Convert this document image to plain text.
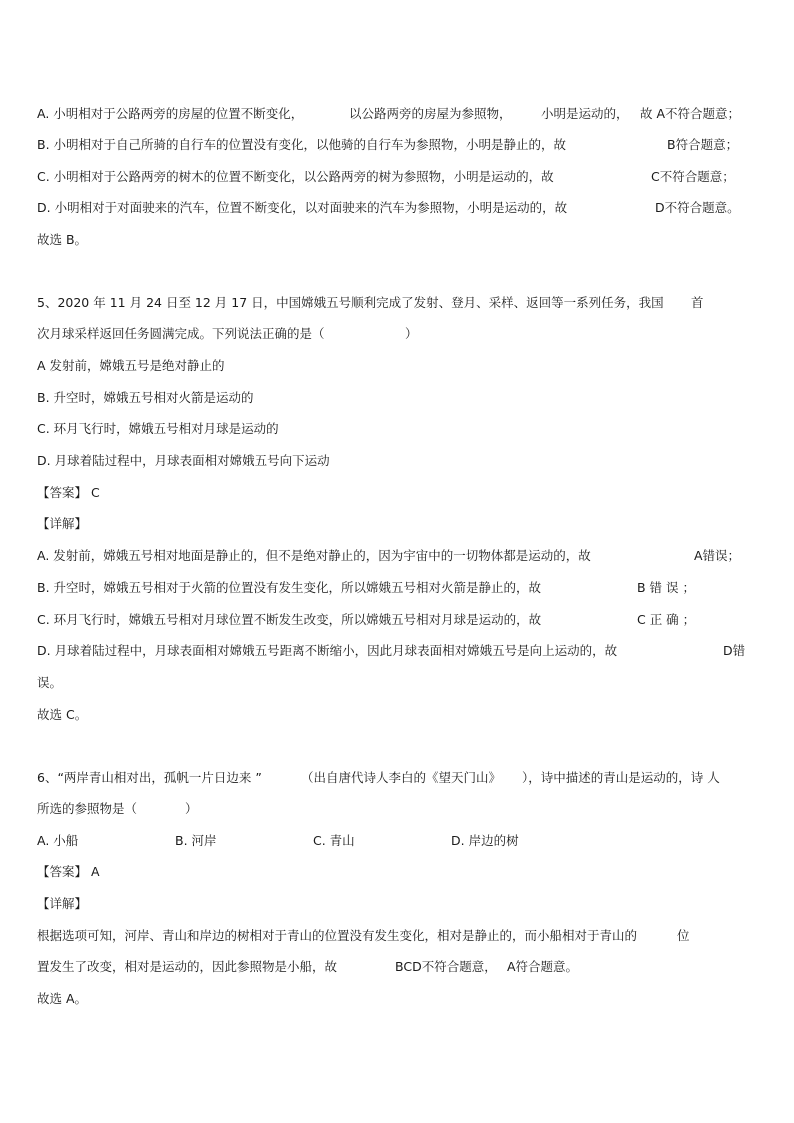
A. 小明相对于公路两旁的房屋的位置不断变化，	以公路两旁的房屋为参照物， 小明是运动的， 故 A不符合题意；
B. 小明相对于自己所骑的自行车的位置没有变化，以他骑的自行车为参照物，小明是静止的，故	B符合题意；
C. 小明相对于公路两旁的树木的位置不断变化，以公路两旁的树为参照物，小明是运动的，故	C不符合题意；
D. 小明相对于对面驶来的汽车，位置不断变化，以对面驶来的汽车为参照物，小明是运动的，故	D不符合题意。
故选 B。
5、2020 年 11 月 24 日至 12 月 17 日，中国嫦娥五号顺利完成了发射、登月、采样、返回等一系列任务，我国 首
次月球采样返回任务圆满完成。下列说法正确的是（	）
A 发射前，嫦娥五号是绝对静止的
B. 升空时，嫦娥五号相对火箭是运动的
C. 环月飞行时，嫦娥五号相对月球是运动的
D. 月球着陆过程中，月球表面相对嫦娥五号向下运动
【答案】 C
【详解】
A. 发射前，嫦娥五号相对地面是静止的，但不是绝对静止的，因为宇宙中的一切物体都是运动的，故	A错误；
B. 升空时，嫦娥五号相对于火箭的位置没有发生变化，所以嫦娥五号相对火箭是静止的，故	B 错 误 ；
C. 环月飞行时，嫦娥五号相对月球位置不断发生改变，所以嫦娥五号相对月球是运动的，故	C 正 确 ；
D. 月球着陆过程中，月球表面相对嫦娥五号距离不断缩小，因此月球表面相对嫦娥五号是向上运动的，故	D错
误。
故选 C。
6、“两岸青山相对出，孤帆一片日边来 ”	（出自唐代诗人李白的《望天门山》 ），诗中描述的青山是运动的，诗 人
所选的参照物是（	）
A. 小船	B. 河岸	C. 青山	D. 岸边的树
【答案】 A
【详解】
根据选项可知，河岸、青山和岸边的树相对于青山的位置没有发生变化，相对是静止的，而小船相对于青山的	位
置发生了改变，相对是运动的，因此参照物是小船，故	BCD不符合题意， A符合题意。
故选 A。
